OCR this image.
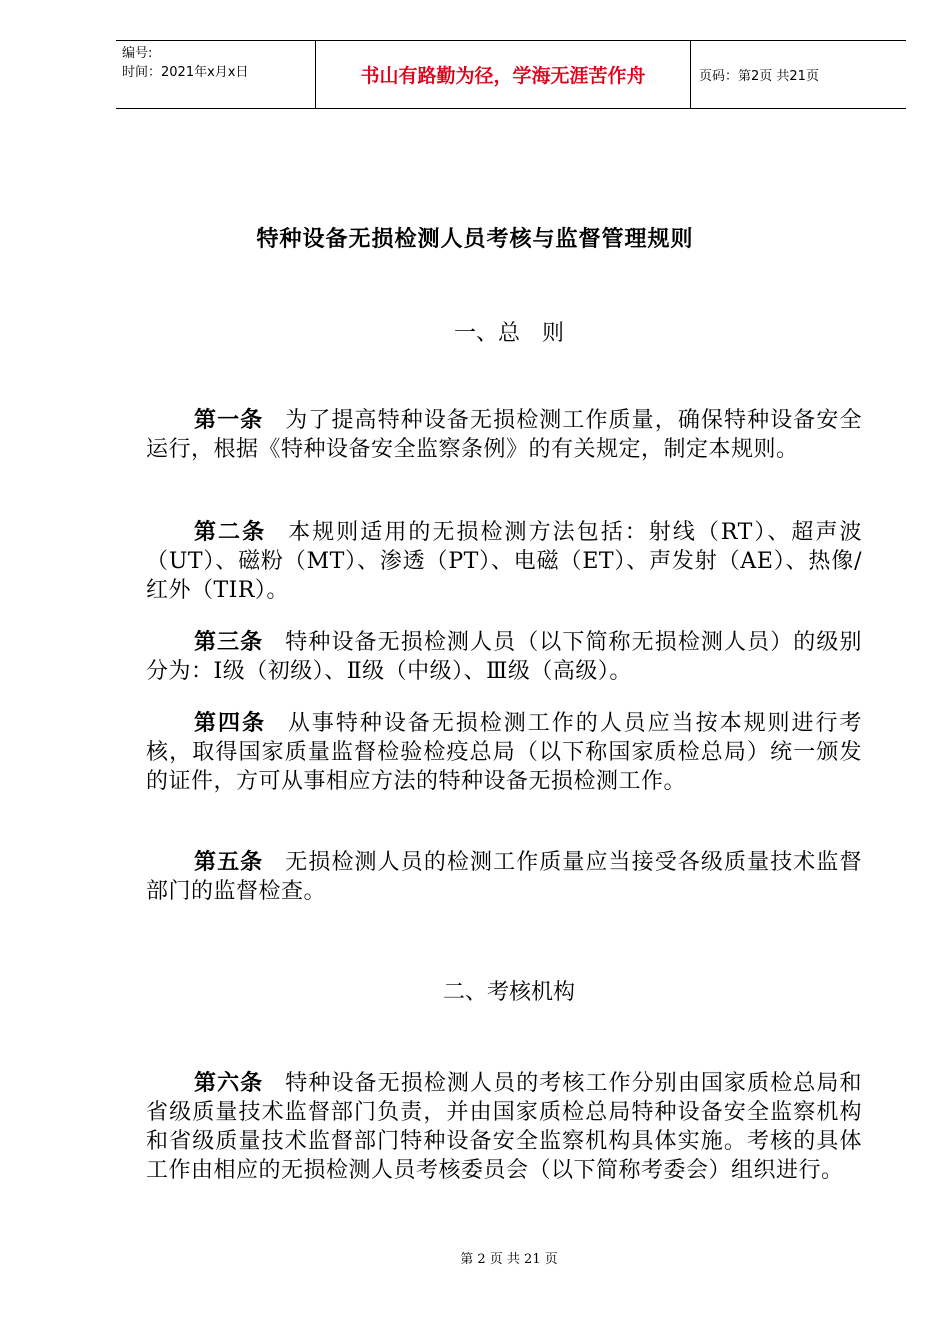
编号:
时间：2021年x月x日	书山有路勤为径，学海无涯苦作舟	页码：第2页 共21页
特种设备无损检测人员考核与监督管理规则
一、总　则
第一条 为了提高特种设备无损检测工作质量，确保特种设备安全运行，根据《特种设备安全监察条例》的有关规定，制定本规则。
第二条 本规则适用的无损检测方法包括：射线（RT）、超声波（UT）、磁粉（MT）、渗透（PT）、电磁（ET）、声发射（AE）、热像/红外（TIR）。
第三条 特种设备无损检测人员（以下简称无损检测人员）的级别分为：Ⅰ级（初级）、Ⅱ级（中级）、Ⅲ级（高级）。
第四条 从事特种设备无损检测工作的人员应当按本规则进行考核，取得国家质量监督检验检疫总局（以下称国家质检总局）统一颁发的证件，方可从事相应方法的特种设备无损检测工作。
第五条 无损检测人员的检测工作质量应当接受各级质量技术监督部门的监督检查。
二、考核机构
第六条 特种设备无损检测人员的考核工作分别由国家质检总局和省级质量技术监督部门负责，并由国家质检总局特种设备安全监察机构和省级质量技术监督部门特种设备安全监察机构具体实施。考核的具体工作由相应的无损检测人员考核委员会（以下简称考委会）组织进行。
第 2 页 共 21 页
